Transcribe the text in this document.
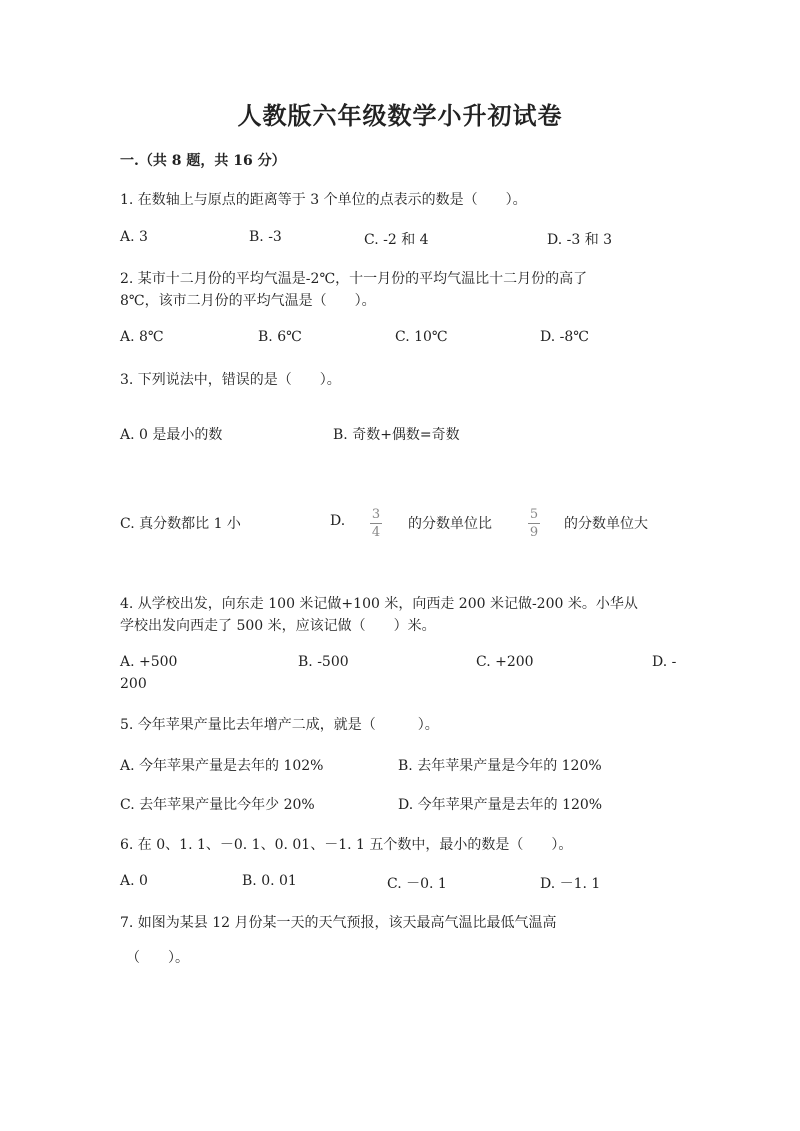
人教版六年级数学小升初试卷
一.（共 8 题，共 16 分）
1. 在数轴上与原点的距离等于 3 个单位的点表示的数是（　　）。
A. 3	B. -3	C. -2 和 4	D. -3 和 3
2. 某市十二月份的平均气温是-2℃，十一月份的平均气温比十二月份的高了
8℃，该市二月份的平均气温是（　　）。
A. 8℃	B. 6℃	C. 10℃	D. -8℃
3. 下列说法中，错误的是（　　）。
A. 0 是最小的数	B. 奇数+偶数=奇数
C. 真分数都比 1 小	D. 3
4
的分数单位比
5
9
的分数单位大
4. 从学校出发，向东走 100 米记做+100 米，向西走 200 米记做-200 米。小华从
学校出发向西走了 500 米，应该记做（　　）米。
A. +500	B. -500	C. +200	D. -
200
5. 今年苹果产量比去年增产二成，就是（　　　）。
A. 今年苹果产量是去年的 102%	B. 去年苹果产量是今年的 120%
C. 去年苹果产量比今年少 20%	D. 今年苹果产量是去年的 120%
6. 在 0、1. 1、－0. 1、0. 01、－1. 1 五个数中，最小的数是（　　）。
A. 0	B. 0. 01	C. －0. 1	D. －1. 1
7. 如图为某县 12 月份某一天的天气预报，该天最高气温比最低气温高
（　　）。
